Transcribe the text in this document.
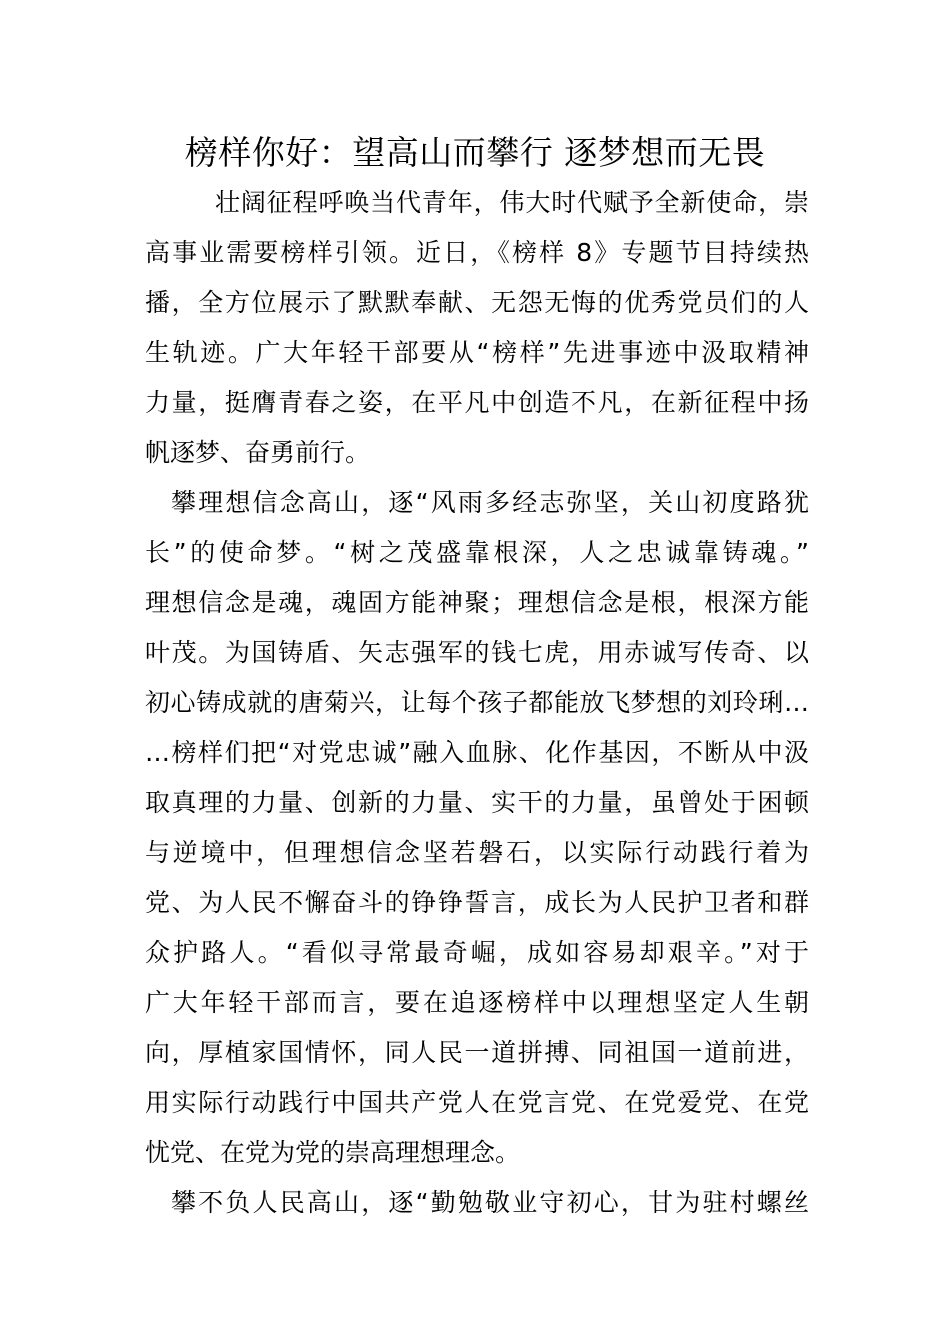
榜样你好：望高山而攀行 逐梦想而无畏
壮阔征程呼唤当代青年，伟大时代赋予全新使命，崇
高事业需要榜样引领。近日，《榜样 8》专题节目持续热
播，全方位展示了默默奉献、无怨无悔的优秀党员们的人
生轨迹。广大年轻干部要从“榜样”先进事迹中汲取精神
力量，挺膺青春之姿，在平凡中创造不凡，在新征程中扬
帆逐梦、奋勇前行。
攀理想信念高山，逐“风雨多经志弥坚，关山初度路犹
长”的使命梦。“树之茂盛靠根深，人之忠诚靠铸魂。”
理想信念是魂，魂固方能神聚；理想信念是根，根深方能
叶茂。为国铸盾、矢志强军的钱七虎，用赤诚写传奇、以
初心铸成就的唐菊兴，让每个孩子都能放飞梦想的刘玲琍…
…榜样们把“对党忠诚”融入血脉、化作基因，不断从中汲
取真理的力量、创新的力量、实干的力量，虽曾处于困顿
与逆境中，但理想信念坚若磐石，以实际行动践行着为
党、为人民不懈奋斗的铮铮誓言，成长为人民护卫者和群
众护路人。“看似寻常最奇崛，成如容易却艰辛。”对于
广大年轻干部而言，要在追逐榜样中以理想坚定人生朝
向，厚植家国情怀，同人民一道拼搏、同祖国一道前进，
用实际行动践行中国共产党人在党言党、在党爱党、在党
忧党、在党为党的崇高理想理念。
攀不负人民高山，逐“勤勉敬业守初心，甘为驻村螺丝
